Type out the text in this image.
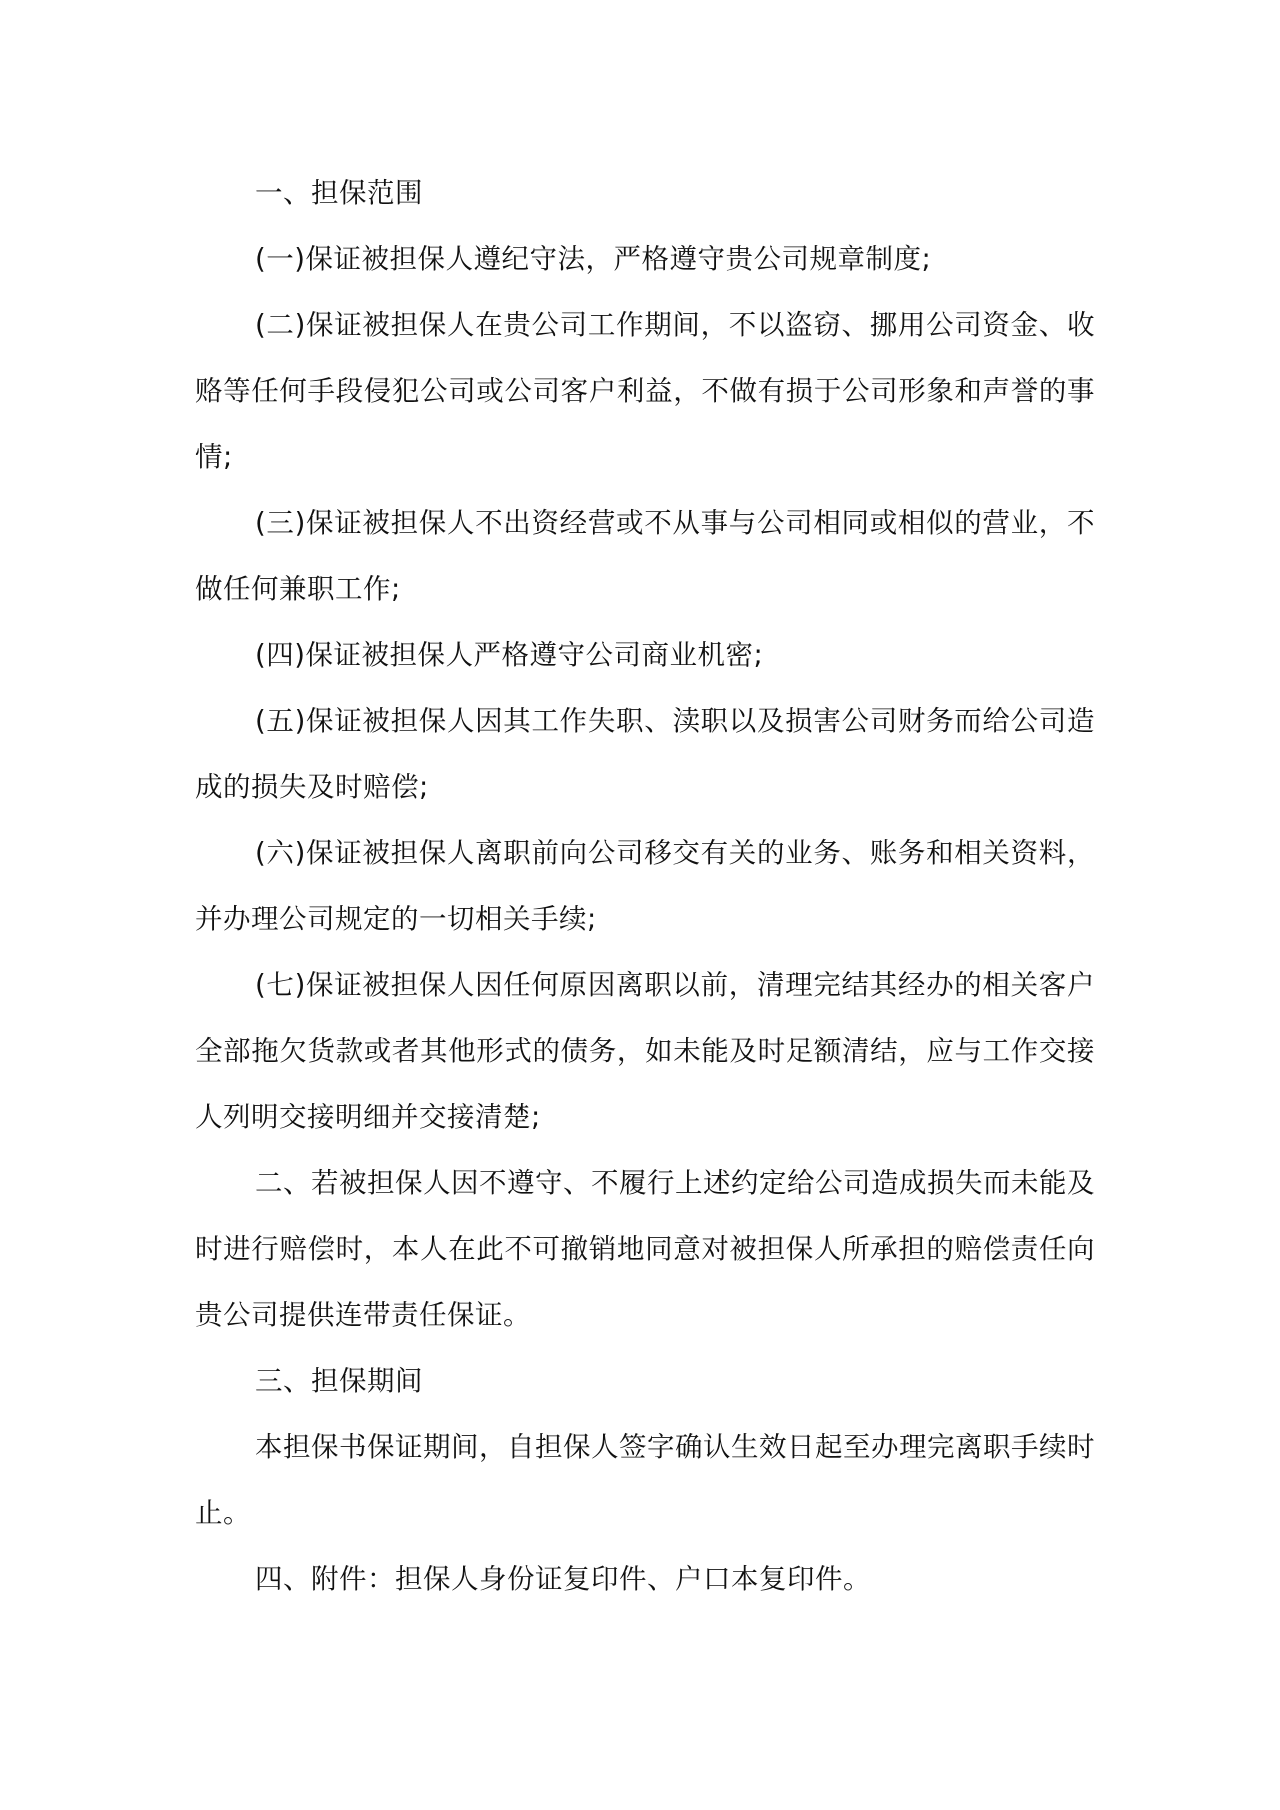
一、担保范围

(一)保证被担保人遵纪守法，严格遵守贵公司规章制度;

(二)保证被担保人在贵公司工作期间，不以盗窃、挪用公司资金、收赂等任何手段侵犯公司或公司客户利益，不做有损于公司形象和声誉的事情;

(三)保证被担保人不出资经营或不从事与公司相同或相似的营业，不做任何兼职工作;

(四)保证被担保人严格遵守公司商业机密;

(五)保证被担保人因其工作失职、渎职以及损害公司财务而给公司造成的损失及时赔偿;

(六)保证被担保人离职前向公司移交有关的业务、账务和相关资料，并办理公司规定的一切相关手续;

(七)保证被担保人因任何原因离职以前，清理完结其经办的相关客户全部拖欠货款或者其他形式的债务，如未能及时足额清结，应与工作交接人列明交接明细并交接清楚;

二、若被担保人因不遵守、不履行上述约定给公司造成损失而未能及时进行赔偿时，本人在此不可撤销地同意对被担保人所承担的赔偿责任向贵公司提供连带责任保证。

三、担保期间

本担保书保证期间，自担保人签字确认生效日起至办理完离职手续时止。

四、附件：担保人身份证复印件、户口本复印件。
